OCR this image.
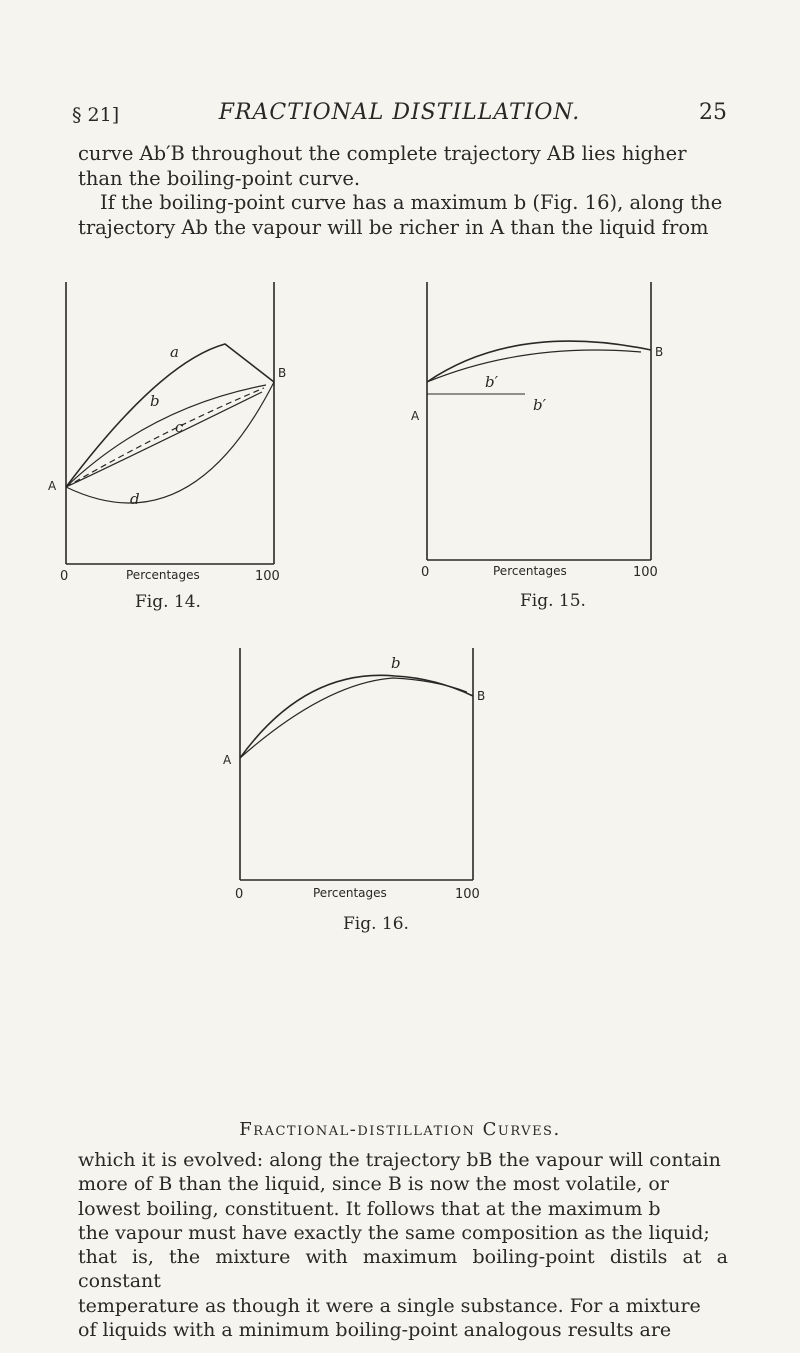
§ 21]	FRACTIONAL DISTILLATION.	25

curve Ab′B throughout the complete trajectory AB lies higher

than the boiling-point curve.

If the boiling-point curve has a maximum b (Fig. 16), along the

trajectory Ab the vapour will be richer in A than the liquid from

a
b
c
d
A
B
0	100
Percentages
Fig. 14.
b′
b′
A
B
0	100
Percentages
Fig. 15.
b
A
B
0	100
Percentages
Fig. 16.
Fractional-distillation Curves.

which it is evolved: along the trajectory bB the vapour will contain

more of B than the liquid, since B is now the most volatile, or

lowest boiling, constituent. It follows that at the maximum b

the vapour must have exactly the same composition as the liquid;

that is, the mixture with maximum boiling-point distils at a constant

temperature as though it were a single substance. For a mixture

of liquids with a minimum boiling-point analogous results are
